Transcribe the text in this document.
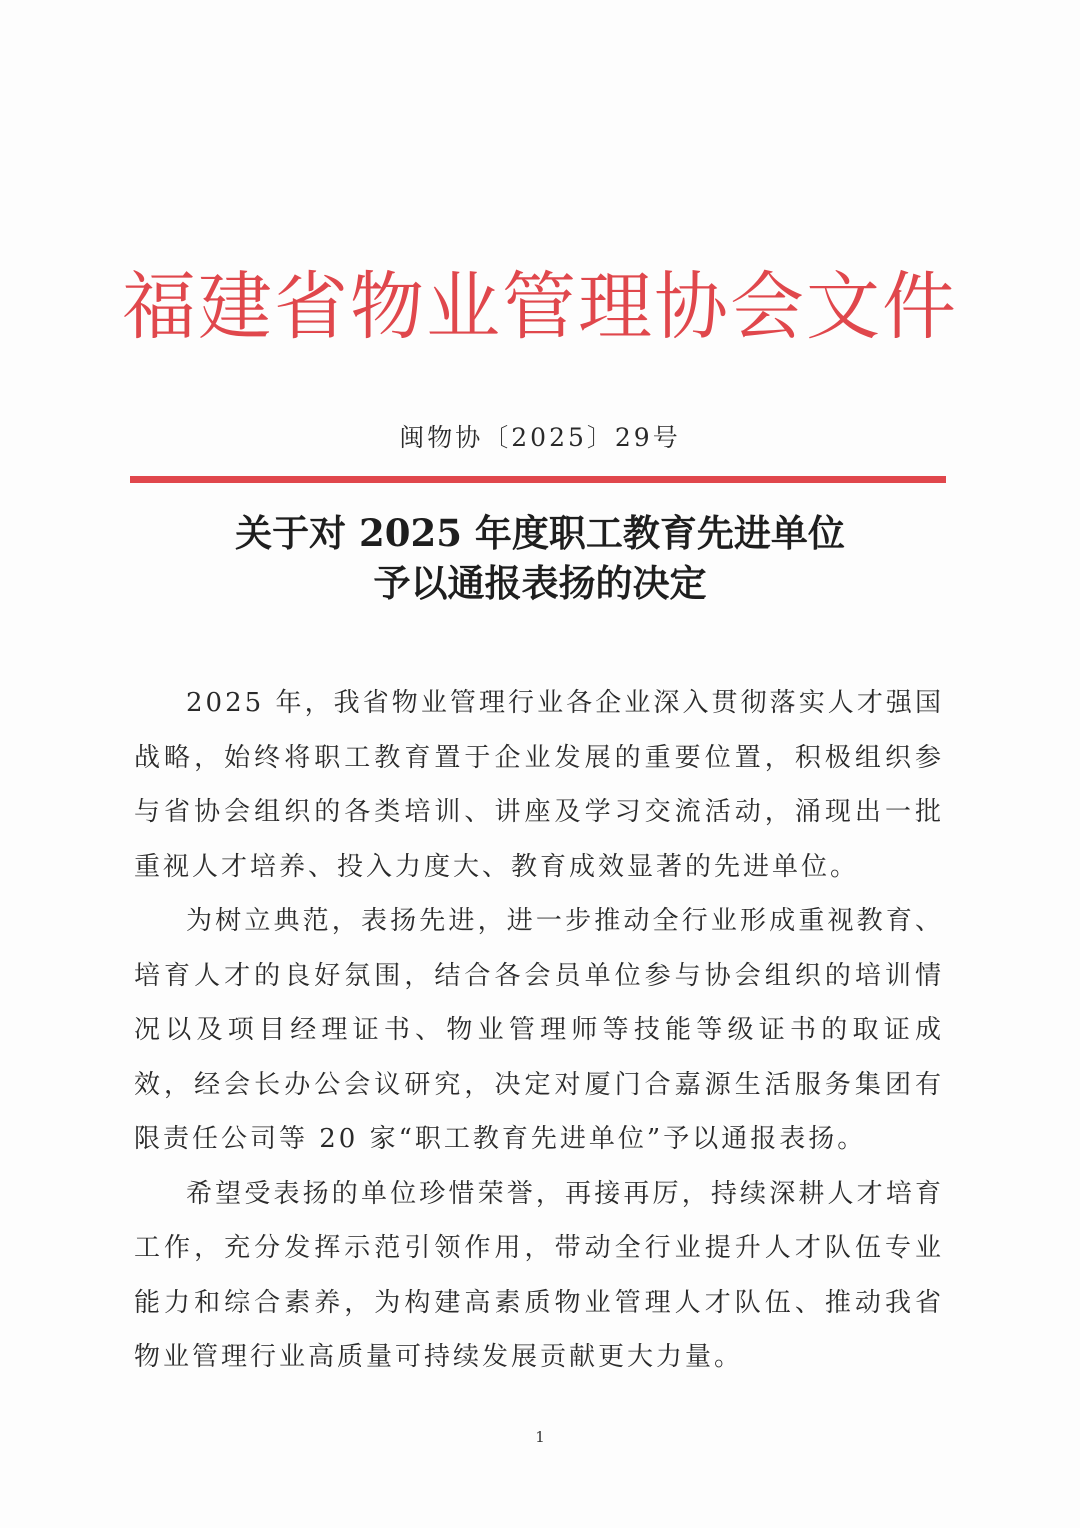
福建省物业管理协会文件
闽物协〔2025〕29号
关于对 2025 年度职工教育先进单位
予以通报表扬的决定

2025 年，我省物业管理行业各企业深入贯彻落实人才强国战略，始终将职工教育置于企业发展的重要位置，积极组织参与省协会组织的各类培训、讲座及学习交流活动，涌现出一批重视人才培养、投入力度大、教育成效显著的先进单位。

为树立典范，表扬先进，进一步推动全行业形成重视教育、培育人才的良好氛围，结合各会员单位参与协会组织的培训情况以及项目经理证书、物业管理师等技能等级证书的取证成效，经会长办公会议研究，决定对厦门合嘉源生活服务集团有限责任公司等 20 家“职工教育先进单位”予以通报表扬。

希望受表扬的单位珍惜荣誉，再接再厉，持续深耕人才培育工作，充分发挥示范引领作用，带动全行业提升人才队伍专业能力和综合素养，为构建高素质物业管理人才队伍、推动我省物业管理行业高质量可持续发展贡献更大力量。

1
